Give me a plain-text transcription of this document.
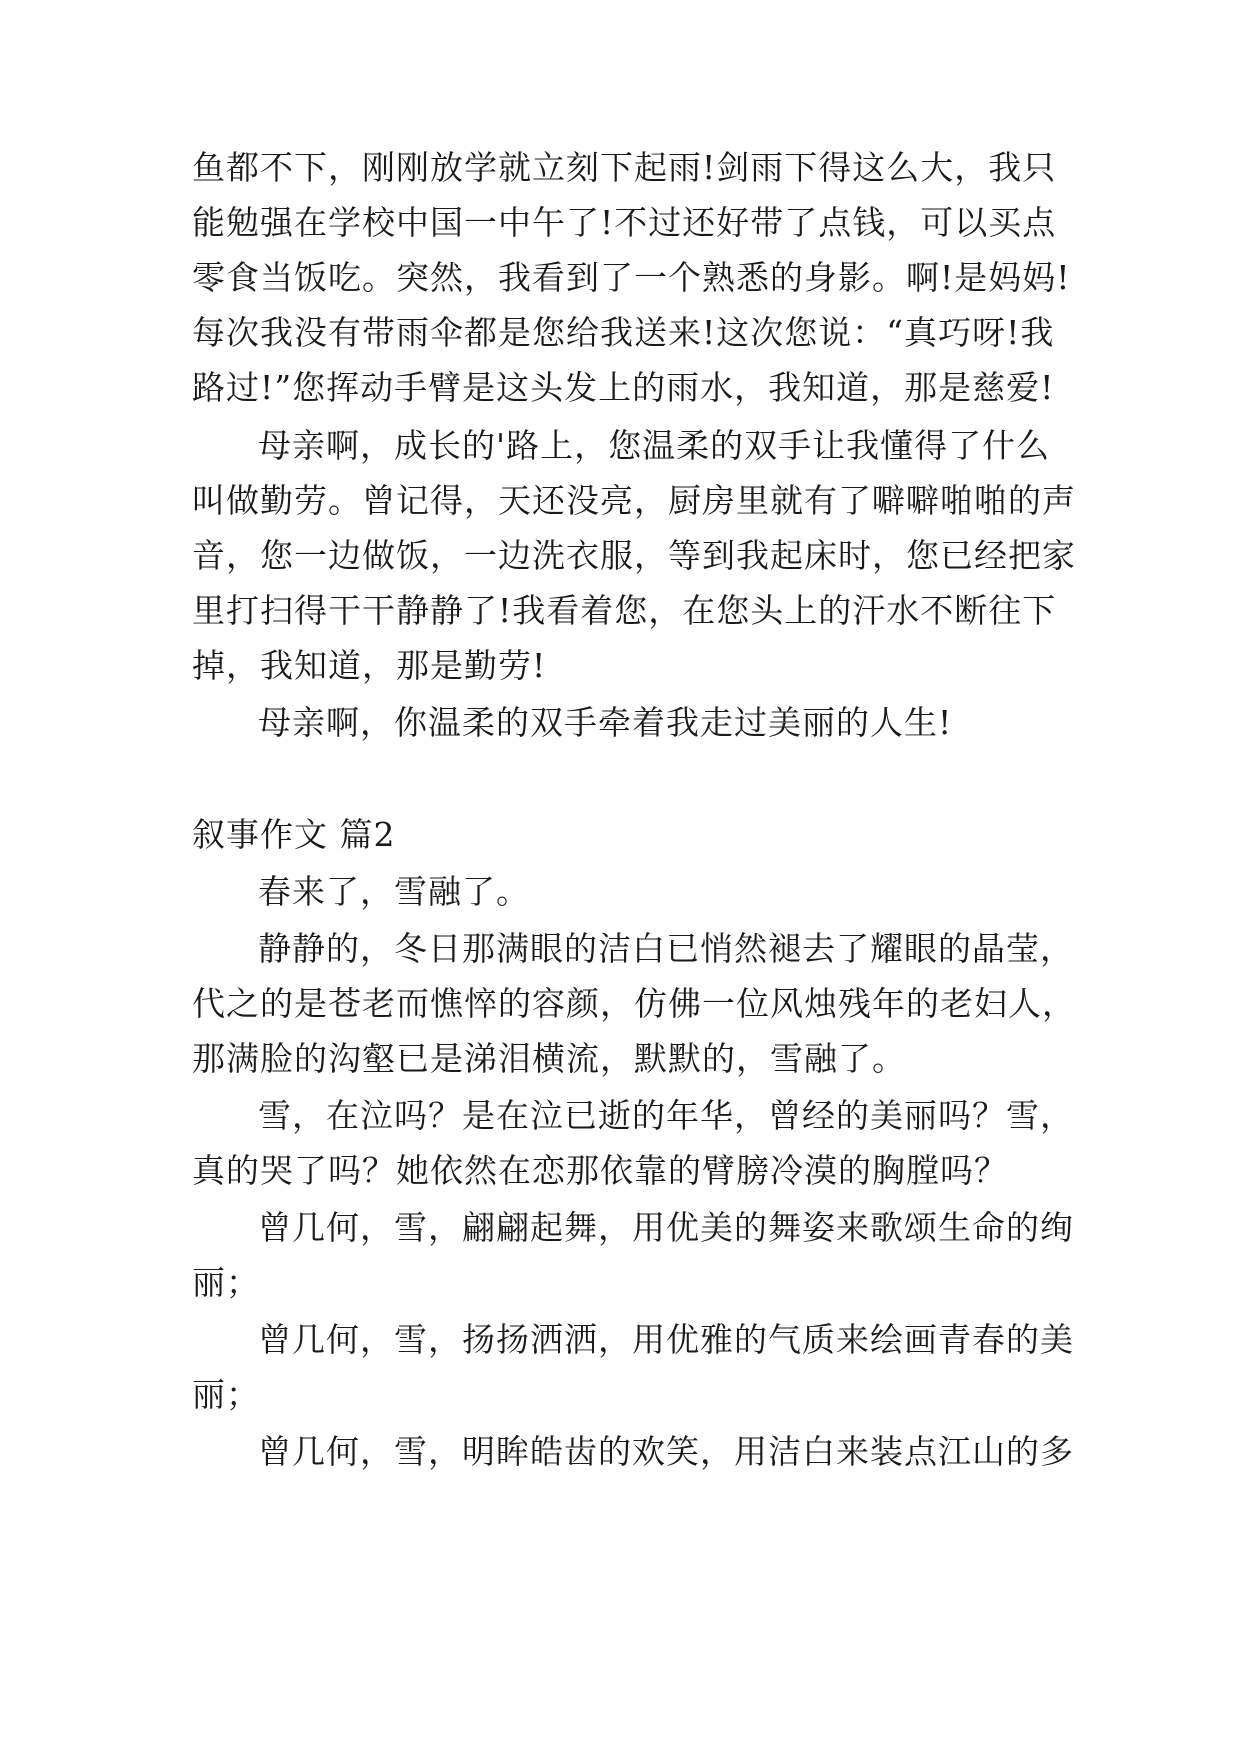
鱼都不下，刚刚放学就立刻下起雨!剑雨下得这么大，我只
能勉强在学校中国一中午了!不过还好带了点钱，可以买点
零食当饭吃。突然，我看到了一个熟悉的身影。啊!是妈妈!
每次我没有带雨伞都是您给我送来!这次您说：“真巧呀!我
路过!”您挥动手臂是这头发上的雨水，我知道，那是慈爱!
母亲啊，成长的'路上，您温柔的双手让我懂得了什么
叫做勤劳。曾记得，天还没亮，厨房里就有了噼噼啪啪的声
音，您一边做饭，一边洗衣服，等到我起床时，您已经把家
里打扫得干干静静了!我看着您，在您头上的汗水不断往下
掉，我知道，那是勤劳!
母亲啊，你温柔的双手牵着我走过美丽的人生!
叙事作文 篇2
春来了，雪融了。
静静的，冬日那满眼的洁白已悄然褪去了耀眼的晶莹，
代之的是苍老而憔悴的容颜，仿佛一位风烛残年的老妇人，
那满脸的沟壑已是涕泪横流，默默的，雪融了。
雪，在泣吗？是在泣已逝的年华，曾经的美丽吗？雪，
真的哭了吗？她依然在恋那依靠的臂膀冷漠的胸膛吗？
曾几何，雪，翩翩起舞，用优美的舞姿来歌颂生命的绚
丽；
曾几何，雪，扬扬洒洒，用优雅的气质来绘画青春的美
丽；
曾几何，雪，明眸皓齿的欢笑，用洁白来装点江山的多
